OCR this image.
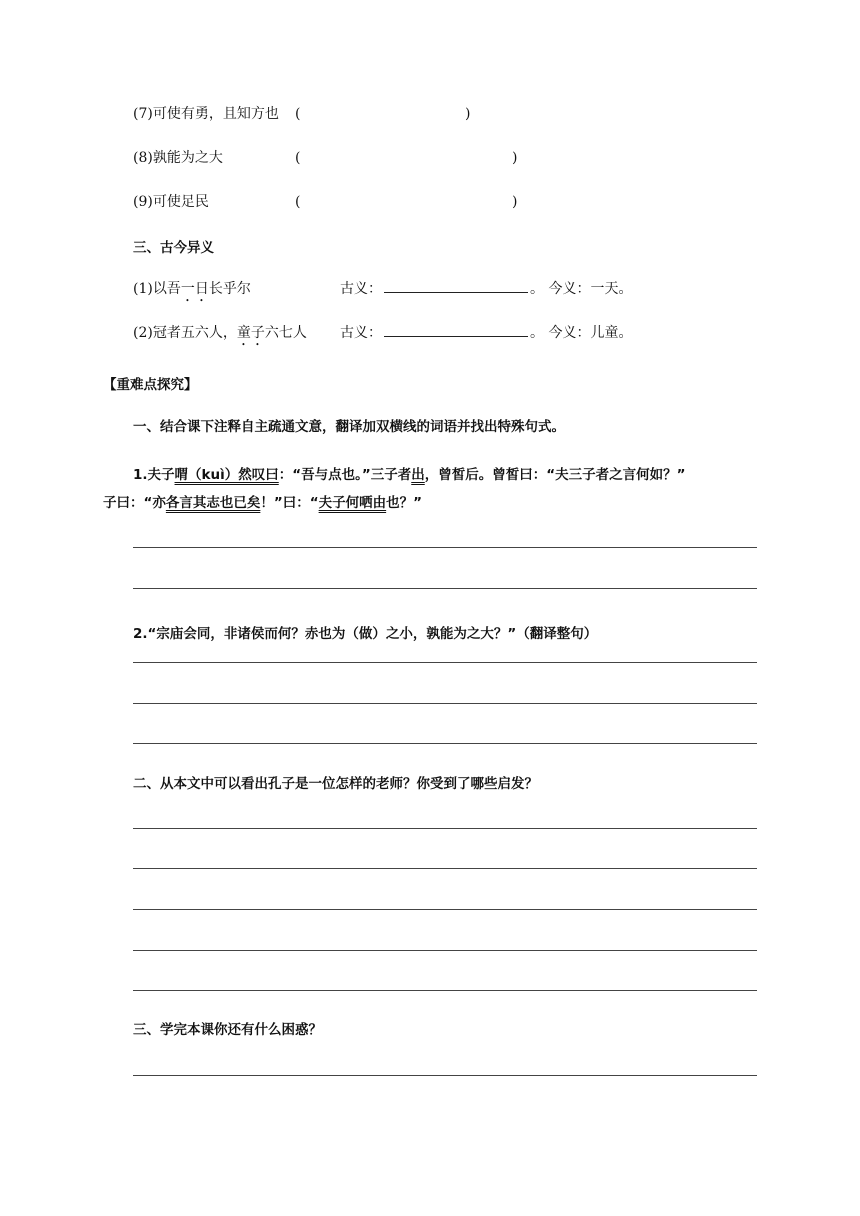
(7)可使有勇，且知方也 (	)
(8)孰能为之大	(	)
(9)可使足民	(	)
三、古今异义
(1)以吾一日长乎尔	古义：	。 今义：一天。
(2)冠者五六人，童子六七人 古义：	。 今义：儿童。
【重难点探究】
一、结合课下注释自主疏通文意，翻译加双横线的词语并找出特殊句式。
1.夫子喟（kuì）然叹曰：“吾与点也。”三子者出，曾皙后。曾皙曰：“夫三子者之言何如？”
子曰：“亦各言其志也已矣！”曰：“夫子何哂由也？”
2.“宗庙会同，非诸侯而何？赤也为（做）之小，孰能为之大？”（翻译整句）
二、从本文中可以看出孔子是一位怎样的老师？你受到了哪些启发？
三、学完本课你还有什么困惑？
